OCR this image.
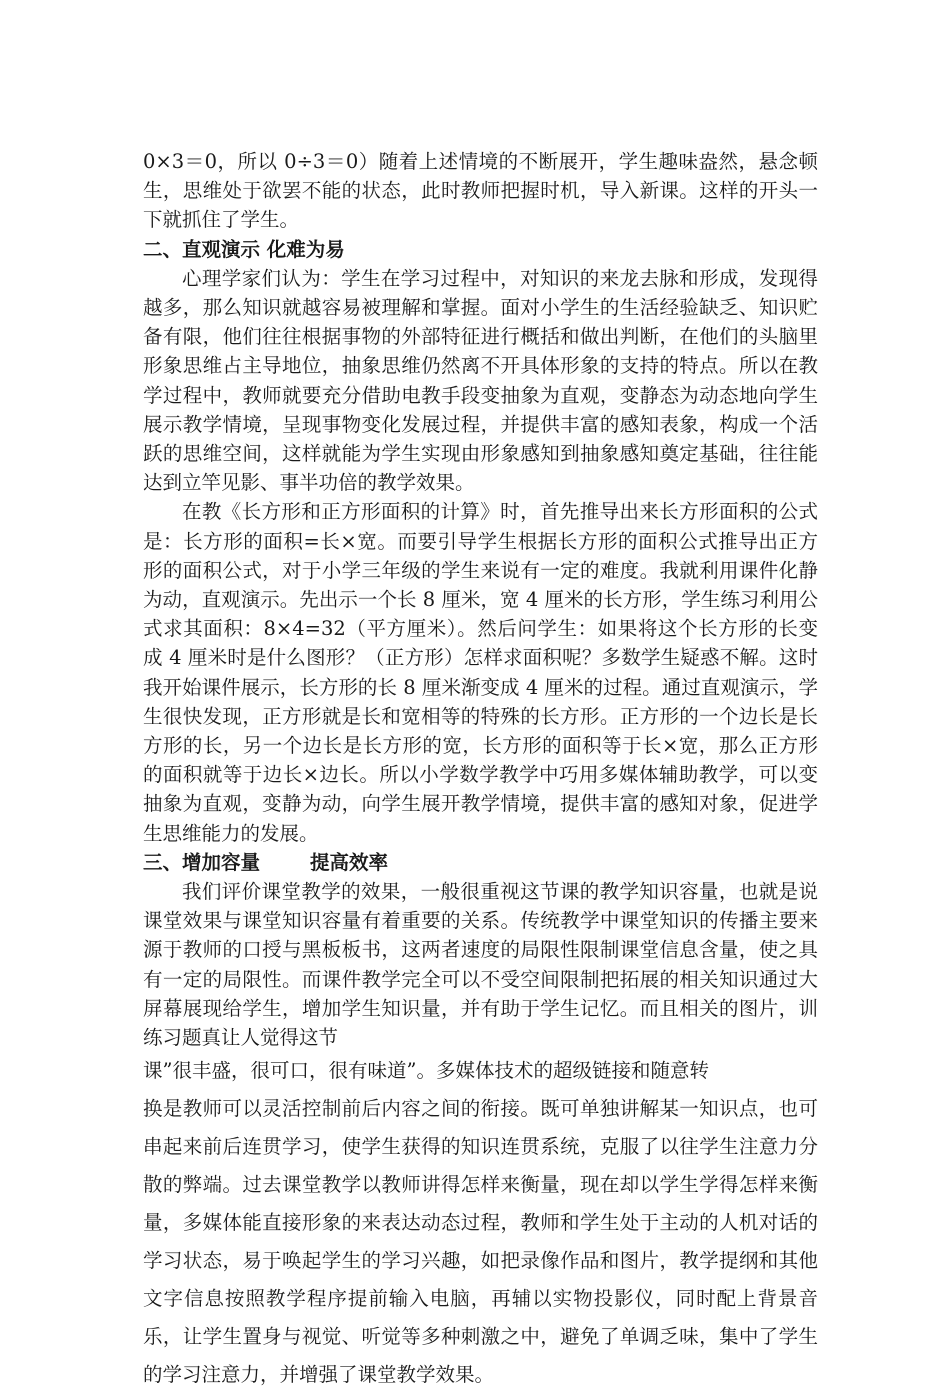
0×3＝0，所以 0÷3＝0）随着上述情境的不断展开，学生趣味盎然，悬念顿生，思维处于欲罢不能的状态，此时教师把握时机，导入新课。这样的开头一下就抓住了学生。

二、直观演示 化难为易

心理学家们认为：学生在学习过程中，对知识的来龙去脉和形成，发现得越多，那么知识就越容易被理解和掌握。面对小学生的生活经验缺乏、知识贮备有限，他们往往根据事物的外部特征进行概括和做出判断，在他们的头脑里形象思维占主导地位，抽象思维仍然离不开具体形象的支持的特点。所以在教学过程中，教师就要充分借助电教手段变抽象为直观，变静态为动态地向学生展示教学情境，呈现事物变化发展过程，并提供丰富的感知表象，构成一个活跃的思维空间，这样就能为学生实现由形象感知到抽象感知奠定基础，往往能达到立竿见影、事半功倍的教学效果。

在教《长方形和正方形面积的计算》时，首先推导出来长方形面积的公式是：长方形的面积=长×宽。而要引导学生根据长方形的面积公式推导出正方形的面积公式，对于小学三年级的学生来说有一定的难度。我就利用课件化静为动，直观演示。先出示一个长 8 厘米，宽 4 厘米的长方形，学生练习利用公式求其面积：8×4=32（平方厘米）。然后问学生：如果将这个长方形的长变成 4 厘米时是什么图形？（正方形）怎样求面积呢？多数学生疑惑不解。这时我开始课件展示，长方形的长 8 厘米渐变成 4 厘米的过程。通过直观演示，学生很快发现，正方形就是长和宽相等的特殊的长方形。正方形的一个边长是长方形的长，另一个边长是长方形的宽，长方形的面积等于长×宽，那么正方形的面积就等于边长×边长。所以小学数学教学中巧用多媒体辅助教学，可以变抽象为直观，变静为动，向学生展开教学情境，提供丰富的感知对象，促进学生思维能力的发展。

三、增加容量	提高效率

我们评价课堂教学的效果，一般很重视这节课的教学知识容量，也就是说课堂效果与课堂知识容量有着重要的关系。传统教学中课堂知识的传播主要来源于教师的口授与黑板板书，这两者速度的局限性限制课堂信息含量，使之具有一定的局限性。而课件教学完全可以不受空间限制把拓展的相关知识通过大屏幕展现给学生，增加学生知识量，并有助于学生记忆。而且相关的图片，训练习题真让人觉得这节

课”很丰盛，很可口，很有味道”。多媒体技术的超级链接和随意转

换是教师可以灵活控制前后内容之间的衔接。既可单独讲解某一知识点，也可串起来前后连贯学习，使学生获得的知识连贯系统，克服了以往学生注意力分散的弊端。过去课堂教学以教师讲得怎样来衡量，现在却以学生学得怎样来衡量，多媒体能直接形象的来表达动态过程，教师和学生处于主动的人机对话的学习状态，易于唤起学生的学习兴趣，如把录像作品和图片，教学提纲和其他文字信息按照教学程序提前输入电脑，再辅以实物投影仪，同时配上背景音乐，让学生置身与视觉、听觉等多种刺激之中，避免了单调乏味，集中了学生的学习注意力，并增强了课堂教学效果。
